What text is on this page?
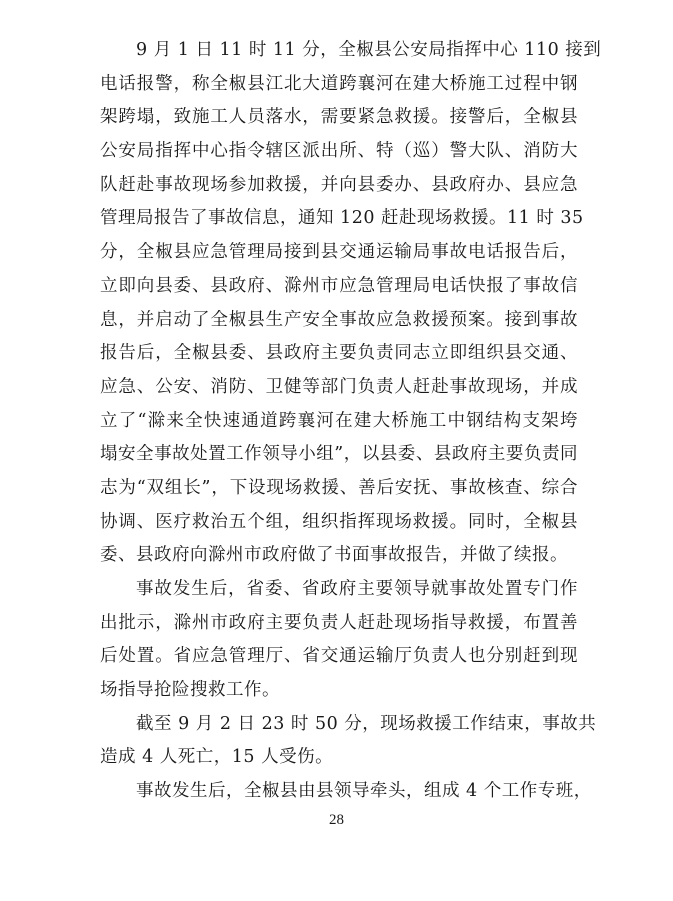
9 月 1 日 11 时 11 分，全椒县公安局指挥中心 110 接到
电话报警，称全椒县江北大道跨襄河在建大桥施工过程中钢
架跨塌，致施工人员落水，需要紧急救援。接警后，全椒县
公安局指挥中心指令辖区派出所、特（巡）警大队、消防大
队赶赴事故现场参加救援，并向县委办、县政府办、县应急
管理局报告了事故信息，通知 120 赶赴现场救援。11 时 35
分，全椒县应急管理局接到县交通运输局事故电话报告后，
立即向县委、县政府、滁州市应急管理局电话快报了事故信
息，并启动了全椒县生产安全事故应急救援预案。接到事故
报告后，全椒县委、县政府主要负责同志立即组织县交通、
应急、公安、消防、卫健等部门负责人赶赴事故现场，并成
立了“滁来全快速通道跨襄河在建大桥施工中钢结构支架垮
塌安全事故处置工作领导小组”，以县委、县政府主要负责同
志为“双组长”，下设现场救援、善后安抚、事故核查、综合
协调、医疗救治五个组，组织指挥现场救援。同时，全椒县
委、县政府向滁州市政府做了书面事故报告，并做了续报。

事故发生后，省委、省政府主要领导就事故处置专门作
出批示，滁州市政府主要负责人赶赴现场指导救援，布置善
后处置。省应急管理厅、省交通运输厅负责人也分别赶到现
场指导抢险搜救工作。

截至 9 月 2 日 23 时 50 分，现场救援工作结束，事故共
造成 4 人死亡，15 人受伤。

事故发生后，全椒县由县领导牵头，组成 4 个工作专班，

28
